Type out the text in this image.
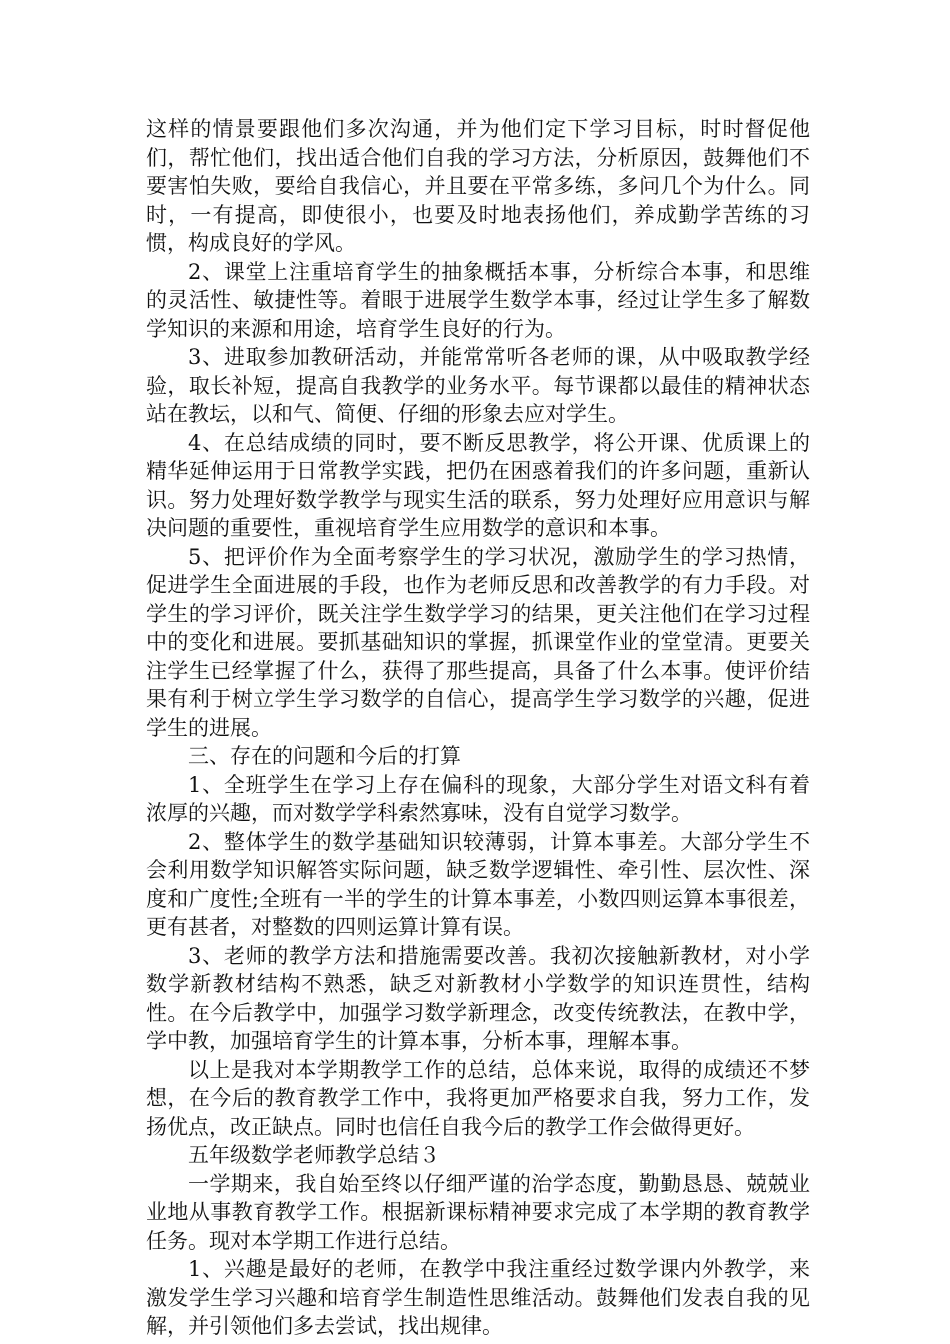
这样的情景要跟他们多次沟通，并为他们定下学习目标，时时督促他们，帮忙他们，找出适合他们自我的学习方法，分析原因，鼓舞他们不要害怕失败，要给自我信心，并且要在平常多练，多问几个为什么。同时，一有提高，即使很小，也要及时地表扬他们，养成勤学苦练的习惯，构成良好的学风。

2、课堂上注重培育学生的抽象概括本事，分析综合本事，和思维的灵活性、敏捷性等。着眼于进展学生数学本事，经过让学生多了解数学知识的来源和用途，培育学生良好的行为。

3、进取参加教研活动，并能常常听各老师的课，从中吸取教学经验，取长补短，提高自我教学的业务水平。每节课都以最佳的精神状态站在教坛，以和气、简便、仔细的形象去应对学生。

4、在总结成绩的同时，要不断反思教学，将公开课、优质课上的精华延伸运用于日常教学实践，把仍在困惑着我们的许多问题，重新认识。努力处理好数学教学与现实生活的联系，努力处理好应用意识与解决问题的重要性，重视培育学生应用数学的意识和本事。

5、把评价作为全面考察学生的学习状况，激励学生的学习热情，促进学生全面进展的手段，也作为老师反思和改善教学的有力手段。对学生的学习评价，既关注学生数学学习的结果，更关注他们在学习过程中的变化和进展。要抓基础知识的掌握，抓课堂作业的堂堂清。更要关注学生已经掌握了什么，获得了那些提高，具备了什么本事。使评价结果有利于树立学生学习数学的自信心，提高学生学习数学的兴趣，促进学生的进展。

三、存在的问题和今后的打算

1、全班学生在学习上存在偏科的现象，大部分学生对语文科有着浓厚的兴趣，而对数学学科索然寡味，没有自觉学习数学。

2、整体学生的数学基础知识较薄弱，计算本事差。大部分学生不会利用数学知识解答实际问题，缺乏数学逻辑性、牵引性、层次性、深度和广度性;全班有一半的学生的计算本事差，小数四则运算本事很差，更有甚者，对整数的四则运算计算有误。

3、老师的教学方法和措施需要改善。我初次接触新教材，对小学数学新教材结构不熟悉，缺乏对新教材小学数学的知识连贯性，结构性。在今后教学中，加强学习数学新理念，改变传统教法，在教中学，学中教，加强培育学生的计算本事，分析本事，理解本事。

以上是我对本学期教学工作的总结，总体来说，取得的成绩还不梦想，在今后的教育教学工作中，我将更加严格要求自我，努力工作，发扬优点，改正缺点。同时也信任自我今后的教学工作会做得更好。

五年级数学老师教学总结３

一学期来，我自始至终以仔细严谨的治学态度，勤勤恳恳、兢兢业业地从事教育教学工作。根据新课标精神要求完成了本学期的教育教学任务。现对本学期工作进行总结。

1、兴趣是最好的老师，在教学中我注重经过数学课内外教学，来激发学生学习兴趣和培育学生制造性思维活动。鼓舞他们发表自我的见解，并引领他们多去尝试，找出规律。
